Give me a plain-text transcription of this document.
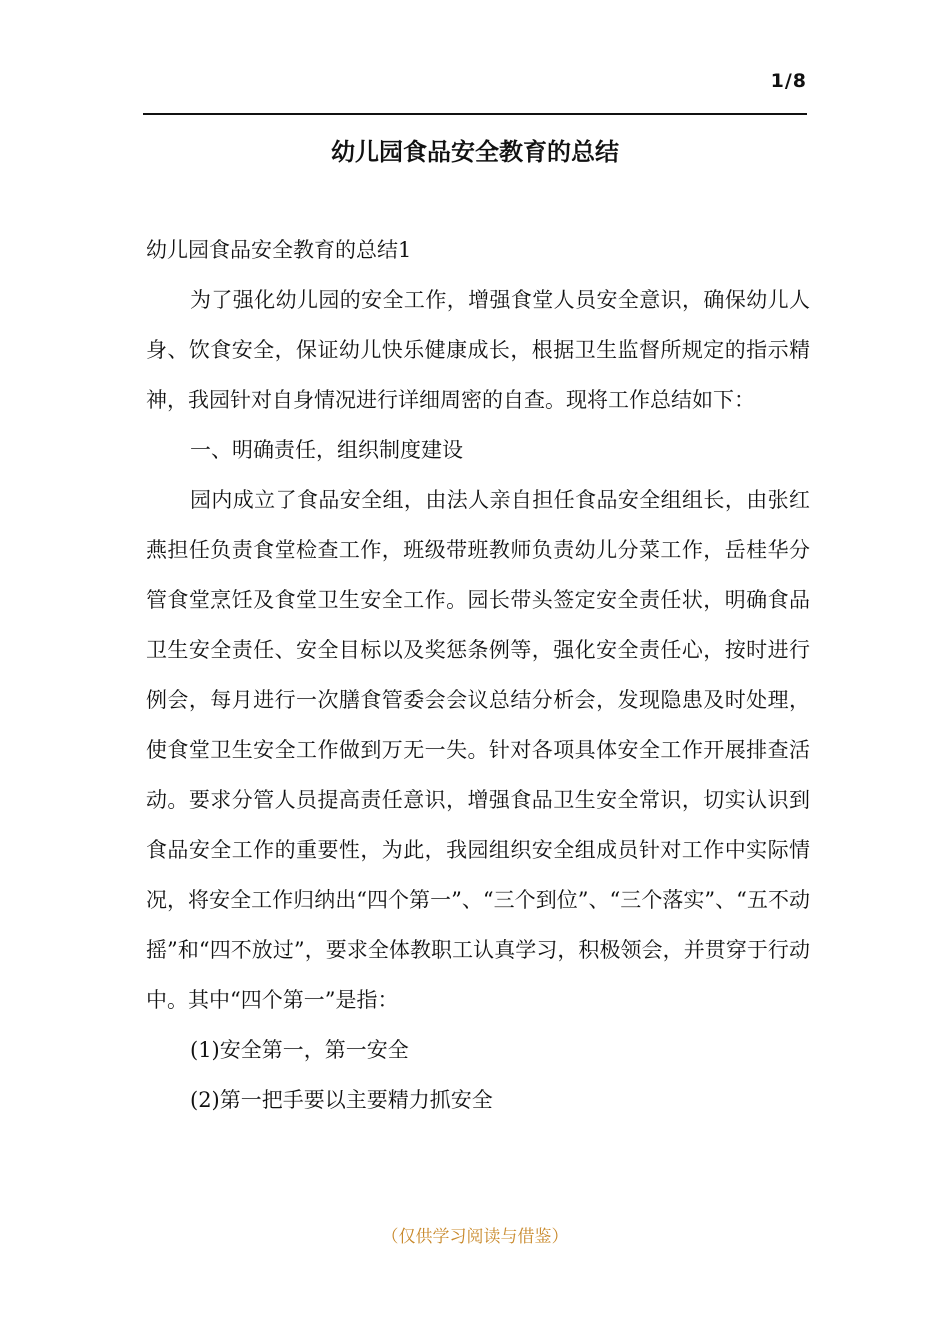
1/8
幼儿园食品安全教育的总结

幼儿园食品安全教育的总结1

为了强化幼儿园的安全工作，增强食堂人员安全意识，确保幼儿人身、饮食安全，保证幼儿快乐健康成长，根据卫生监督所规定的指示精神，我园针对自身情况进行详细周密的自查。现将工作总结如下：

一、明确责任，组织制度建设

园内成立了食品安全组，由法人亲自担任食品安全组组长，由张红燕担任负责食堂检查工作，班级带班教师负责幼儿分菜工作，岳桂华分管食堂烹饪及食堂卫生安全工作。园长带头签定安全责任状，明确食品卫生安全责任、安全目标以及奖惩条例等，强化安全责任心，按时进行例会，每月进行一次膳食管委会会议总结分析会，发现隐患及时处理，使食堂卫生安全工作做到万无一失。针对各项具体安全工作开展排查活动。要求分管人员提高责任意识，增强食品卫生安全常识，切实认识到食品安全工作的重要性，为此，我园组织安全组成员针对工作中实际情况，将安全工作归纳出“四个第一”、“三个到位”、“三个落实”、“五不动摇”和“四不放过”，要求全体教职工认真学习，积极领会，并贯穿于行动中。其中“四个第一”是指：

(1)安全第一，第一安全

(2)第一把手要以主要精力抓安全

（仅供学习阅读与借鉴）
